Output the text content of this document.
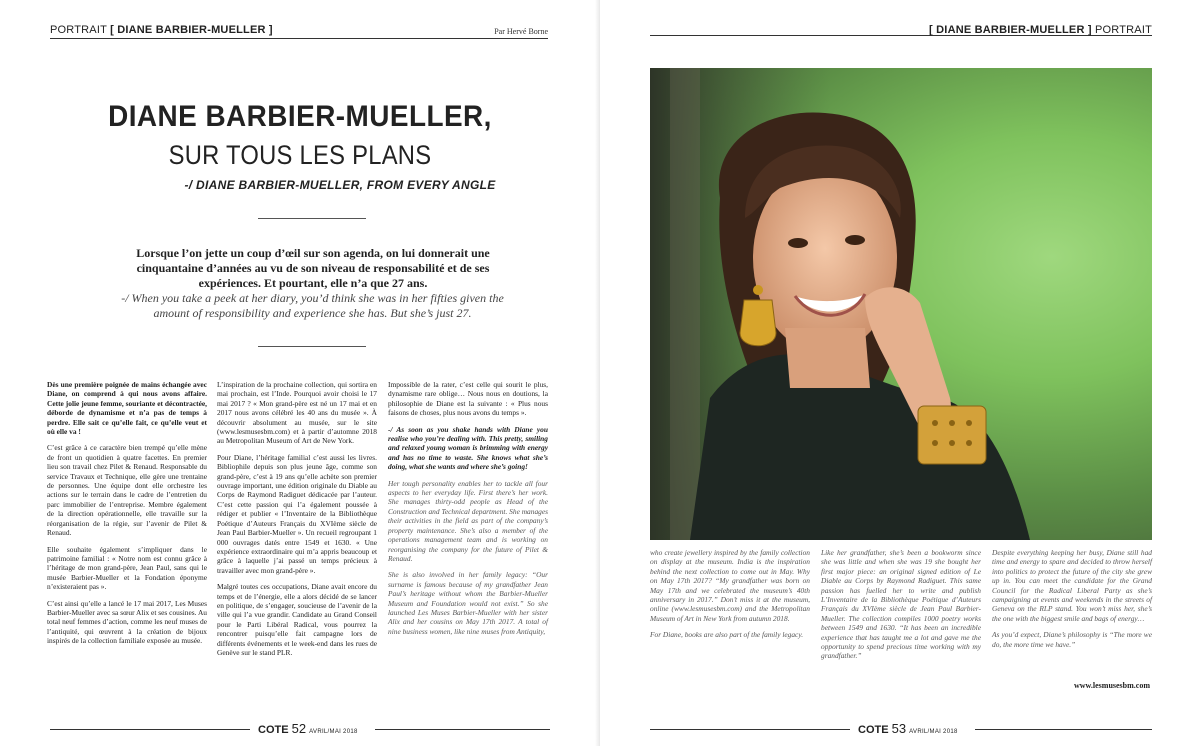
PORTRAIT [ DIANE BARBIER-MUELLER ]	Par Hervé Borne
DIANE BARBIER-MUELLER,
SUR TOUS LES PLANS
-/ DIANE BARBIER-MUELLER, FROM EVERY ANGLE
Lorsque l’on jette un coup d’œil sur son agenda, on lui donnerait une cinquantaine d’années au vu de son niveau de responsabilité et de ses expériences. Et pourtant, elle n’a que 27 ans.
-/ When you take a peek at her diary, you’d think she was in her fifties given the amount of responsibility and experience she has. But she’s just 27.

Dès une première poignée de mains échangée avec Diane, on comprend à qui nous avons affaire. Cette jolie jeune femme, souriante et décontractée, déborde de dynamisme et n’a pas de temps à perdre. Elle sait ce qu’elle fait, ce qu’elle veut et où elle va !

C’est grâce à ce caractère bien trempé qu’elle mène de front un quotidien à quatre facettes. En premier lieu son travail chez Pilet & Renaud. Responsable du service Travaux et Technique, elle gère une trentaine de personnes. Une équipe dont elle orchestre les actions sur le terrain dans le cadre de l’entretien du parc immobilier de l’entreprise. Membre également de la direction opérationnelle, elle travaille sur la réorganisation de la régie, sur l’avenir de Pilet & Renaud.

Elle souhaite également s’impliquer dans le patrimoine familial : « Notre nom est connu grâce à l’héritage de mon grand-père, Jean Paul, sans qui le musée Barbier-Mueller et la Fondation éponyme n’existeraient pas ».

C’est ainsi qu’elle a lancé le 17 mai 2017, Les Muses Barbier-Mueller avec sa sœur Alix et ses cousines. Au total neuf femmes d’action, comme les neuf muses de l’antiquité, qui œuvrent à la création de bijoux inspirés de la collection familiale exposée au musée.

L’inspiration de la prochaine collection, qui sortira en mai prochain, est l’Inde. Pourquoi avoir choisi le 17 mai 2017 ? « Mon grand-père est né un 17 mai et en 2017 nous avons célébré les 40 ans du musée ». À découvrir absolument au musée, sur le site (www.lesmusesbm.com) et à partir d’automne 2018 au Metropolitan Museum of Art de New York.

Pour Diane, l’héritage familial c’est aussi les livres. Bibliophile depuis son plus jeune âge, comme son grand-père, c’est à 19 ans qu’elle achète son premier ouvrage important, une édition originale du Diable au Corps de Raymond Radiguet dédicacée par l’auteur. C’est cette passion qui l’a également poussée à rédiger et publier « l’Inventaire de la Bibliothèque Poétique d’Auteurs Français du XVIème siècle de Jean Paul Barbier-Mueller ». Un recueil regroupant 1 000 ouvrages datés entre 1549 et 1630. « Une expérience extraordinaire qui m’a appris beaucoup et grâce à laquelle j’ai passé un temps précieux à travailler avec mon grand-père ».

Malgré toutes ces occupations, Diane avait encore du temps et de l’énergie, elle a alors décidé de se lancer en politique, de s’engager, soucieuse de l’avenir de la ville qui l’a vue grandir. Candidate au Grand Conseil pour le Parti Libéral Radical, vous pourrez la rencontrer puisqu’elle fait campagne lors de différents événements et le week-end dans les rues de Genève sur le stand PLR.

Impossible de la rater, c’est celle qui sourit le plus, dynamisme rare oblige… Nous nous en doutions, la philosophie de Diane est la suivante : « Plus nous faisons de choses, plus nous avons du temps ».

-/ As soon as you shake hands with Diane you realise who you’re dealing with. This pretty, smiling and relaxed young woman is brimming with energy and has no time to waste. She knows what she’s doing, what she wants and where she’s going!

Her tough personality enables her to tackle all four aspects to her everyday life. First there’s her work. She manages thirty-odd people as Head of the Construction and Technical department. She manages their activities in the field as part of the company’s property maintenance. She’s also a member of the operations management team and is working on reorganising the company for the future of Pilet & Renaud.

She is also involved in her family legacy: “Our surname is famous because of my grandfather Jean Paul’s heritage without whom the Barbier-Mueller Museum and Foundation would not exist.” So she launched Les Muses Barbier-Mueller with her sister Alix and her cousins on May 17th 2017. A total of nine business women, like nine muses from Antiquity,

COTE 52 AVRIL/MAI 2018
[ DIANE BARBIER-MUELLER ] PORTRAIT

who create jewellery inspired by the family collection on display at the museum. India is the inspiration behind the next collection to come out in May. Why on May 17th 2017? “My grandfather was born on May 17th and we celebrated the museum’s 40th anniversary in 2017.” Don’t miss it at the museum, online (www.lesmusesbm.com) and the Metropolitan Museum of Art in New York from autumn 2018.

For Diane, books are also part of the family legacy.

Like her grandfather, she’s been a bookworm since she was little and when she was 19 she bought her first major piece: an original signed edition of Le Diable au Corps by Raymond Radiguet. This same passion has fuelled her to write and publish L’Inventaire de la Bibliothèque Poétique d’Auteurs Français du XVIème siècle de Jean Paul Barbier-Mueller. The collection compiles 1000 poetry works between 1549 and 1630. “It has been an incredible experience that has taught me a lot and gave me the opportunity to spend precious time working with my grandfather.”

Despite everything keeping her busy, Diane still had time and energy to spare and decided to throw herself into politics to protect the future of the city she grew up in. You can meet the candidate for the Grand Council for the Radical Liberal Party as she’s campaigning at events and weekends in the streets of Geneva on the RLP stand. You won’t miss her, she’s the one with the biggest smile and bags of energy…

As you’d expect, Diane’s philosophy is “The more we do, the more time we have.”

www.lesmusesbm.com
COTE 53 AVRIL/MAI 2018
